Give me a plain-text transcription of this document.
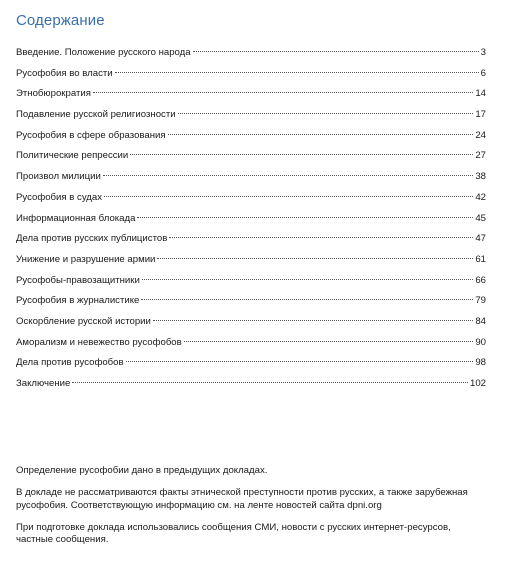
Содержание
Введение. Положение русского народа	3
Русофобия во власти	6
Этнобюрократия	14
Подавление русской религиозности	17
Русофобия в сфере образования	24
Политические репрессии	27
Произвол милиции	38
Русофобия в судах	42
Информационная блокада	45
Дела против русских публицистов	47
Унижение и разрушение армии	61
Русофобы-правозащитники	66
Русофобия в журналистике	79
Оскорбление русской истории	84
Аморализм и невежество русофобов	90
Дела против русофобов	98
Заключение	102

Определение русофобии дано в предыдущих докладах.

В докладе не рассматриваются факты этнической преступности против русских, а также зарубежная русофобия. Соответствующую информацию см. на ленте новостей сайта dpni.org

При подготовке доклада использовались сообщения СМИ, новости с русских интернет-ресурсов, частные сообщения.
